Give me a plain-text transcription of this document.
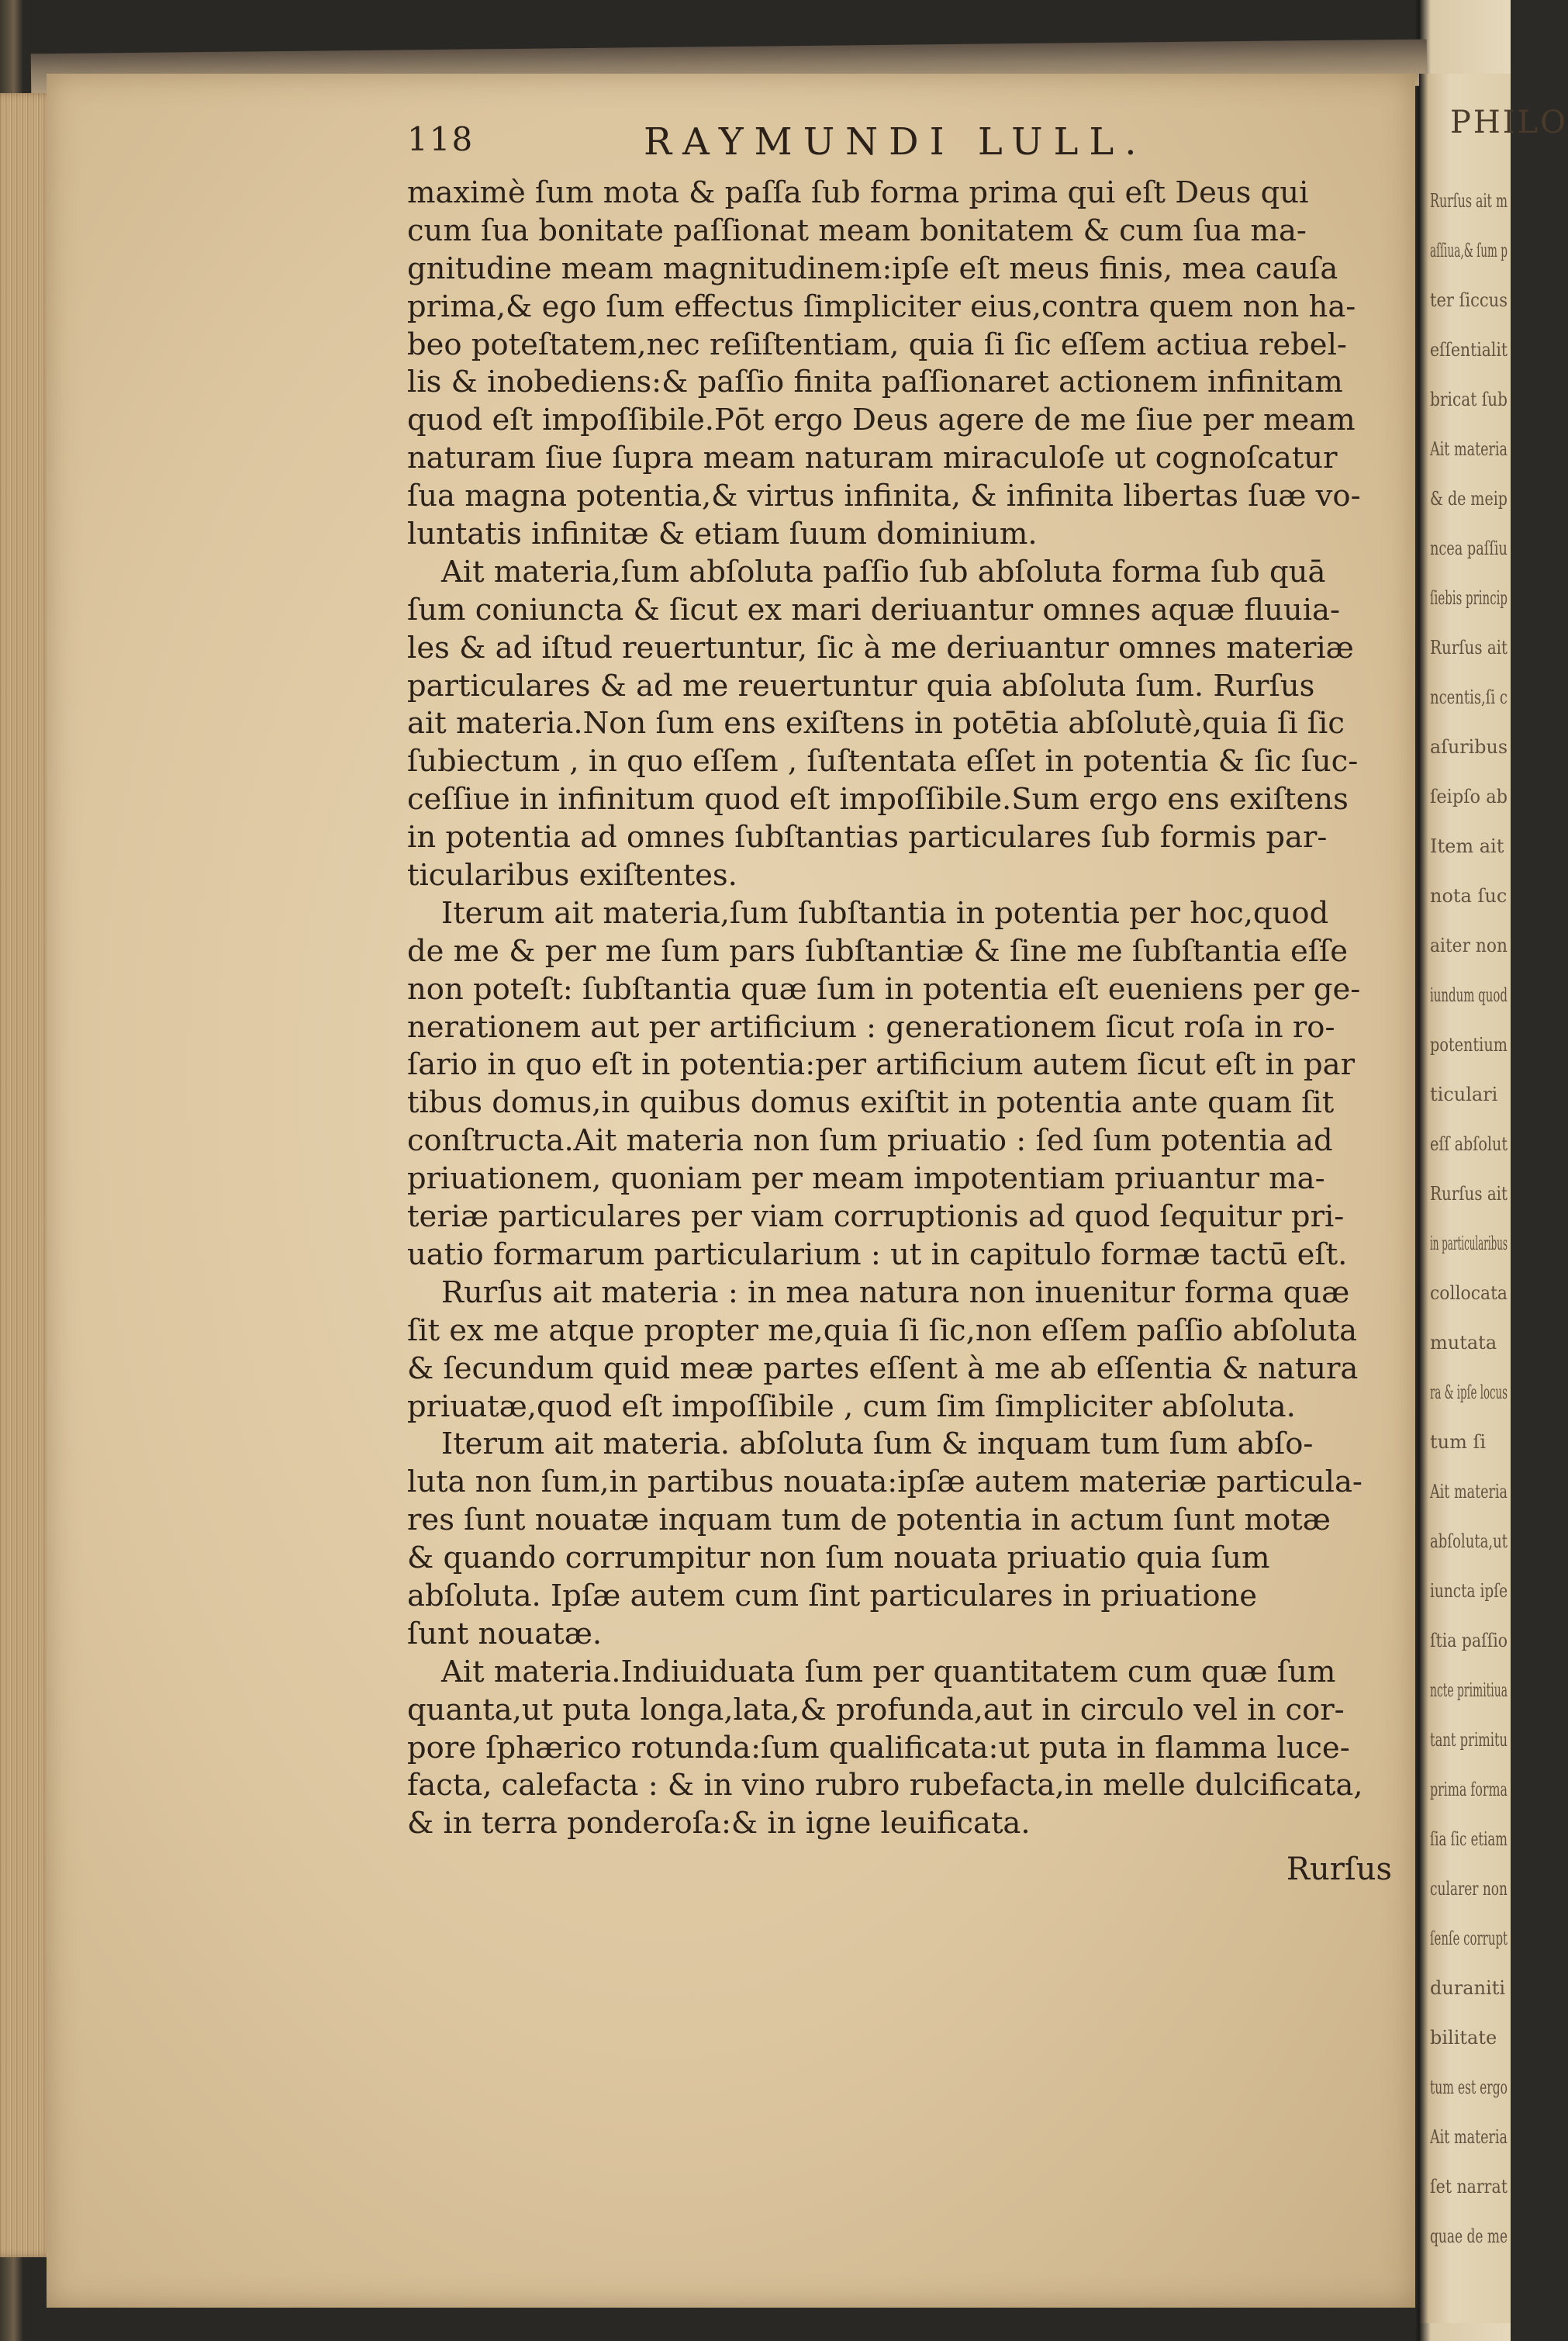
118	RAYMUNDI LULL.
maximè ſum mota & paſſa ſub forma prima qui eſt Deus qui
cum ſua bonitate paſſionat meam bonitatem & cum ſua ma-
gnitudine meam magnitudinem:ipſe eſt meus finis, mea cauſa
prima,& ego ſum effectus ſimpliciter eius,contra quem non ha-
beo poteſtatem,nec reſiſtentiam, quia ſi ſic eſſem actiua rebel-
lis & inobediens:& paſſio finita paſſionaret actionem infinitam
quod eſt impoſſibile.Pōt ergo Deus agere de me ſiue per meam
naturam ſiue ſupra meam naturam miraculoſe ut cognoſcatur
ſua magna potentia,& virtus infinita, & infinita libertas ſuæ vo-
luntatis infinitæ & etiam ſuum dominium.
Ait materia,ſum abſoluta paſſio ſub abſoluta forma ſub quā
ſum coniuncta & ſicut ex mari deriuantur omnes aquæ fluuia-
les & ad iſtud reuertuntur, ſic à me deriuantur omnes materiæ
particulares & ad me reuertuntur quia abſoluta ſum. Rurſus
ait materia.Non ſum ens exiſtens in potētia abſolutè,quia ſi ſic
ſubiectum , in quo eſſem , ſuſtentata eſſet in potentia & ſic ſuc-
ceſſiue in infinitum quod eſt impoſſibile.Sum ergo ens exiſtens
in potentia ad omnes ſubſtantias particulares ſub formis par-
ticularibus exiſtentes.
Iterum ait materia,ſum ſubſtantia in potentia per hoc,quod
de me & per me ſum pars ſubſtantiæ & ſine me ſubſtantia eſſe
non poteſt: ſubſtantia quæ ſum in potentia eſt eueniens per ge-
nerationem aut per artificium : generationem ſicut roſa in ro-
ſario in quo eſt in potentia:per artificium autem ſicut eſt in par
tibus domus,in quibus domus exiſtit in potentia ante quam ſit
conſtructa.Ait materia non ſum priuatio : ſed ſum potentia ad
priuationem, quoniam per meam impotentiam priuantur ma-
teriæ particulares per viam corruptionis ad quod ſequitur pri-
uatio formarum particularium : ut in capitulo formæ tactū eſt.
Rurſus ait materia : in mea natura non inuenitur forma quæ
ſit ex me atque propter me,quia ſi ſic,non eſſem paſſio abſoluta
& ſecundum quid meæ partes eſſent à me ab eſſentia & natura
priuatæ,quod eſt impoſſibile , cum ſim ſimpliciter abſoluta.
Iterum ait materia. abſoluta ſum & inquam tum ſum abſo-
luta non ſum,in partibus nouata:ipſæ autem materiæ particula-
res ſunt nouatæ inquam tum de potentia in actum ſunt motæ
& quando corrumpitur non ſum nouata priuatio quia ſum
abſoluta. Ipſæ autem cum ſint particulares in priuatione
ſunt nouatæ.
Ait materia.Indiuiduata ſum per quantitatem cum quæ ſum
quanta,ut puta longa,lata,& profunda,aut in circulo vel in cor-
pore ſphærico rotunda:ſum qualificata:ut puta in flamma luce-
facta, calefacta : & in vino rubro rubefacta,in melle dulcificata,
& in terra ponderoſa:& in igne leuificata.
Rurſus
PHILO
Rurſus ait m
aſſiua,& ſum p
ter ſiccus
eſſentialit
bricat ſub
Ait materia
& de meip
ncea paſſiu
ſiebis princip
Rurſus ait
ncentis,ſi c
aſuribus
ſeipſo ab
Item ait
nota ſuc
aiter non
iundum quod
potentium
ticulari
eſſ abſolut
Rurſus ait
in particularibus
collocata
mutata
ra & ipſe locus
tum ſi
Ait materia
abſoluta,ut
iuncta ipſe
ſtia paſſio
ncte primitiua
tant primitu
prima forma
ſia ſic etiam
cularer non
ſenſe corrupt
duraniti
bilitate
tum est ergo
Ait materia
ſet narrat
quae de me
